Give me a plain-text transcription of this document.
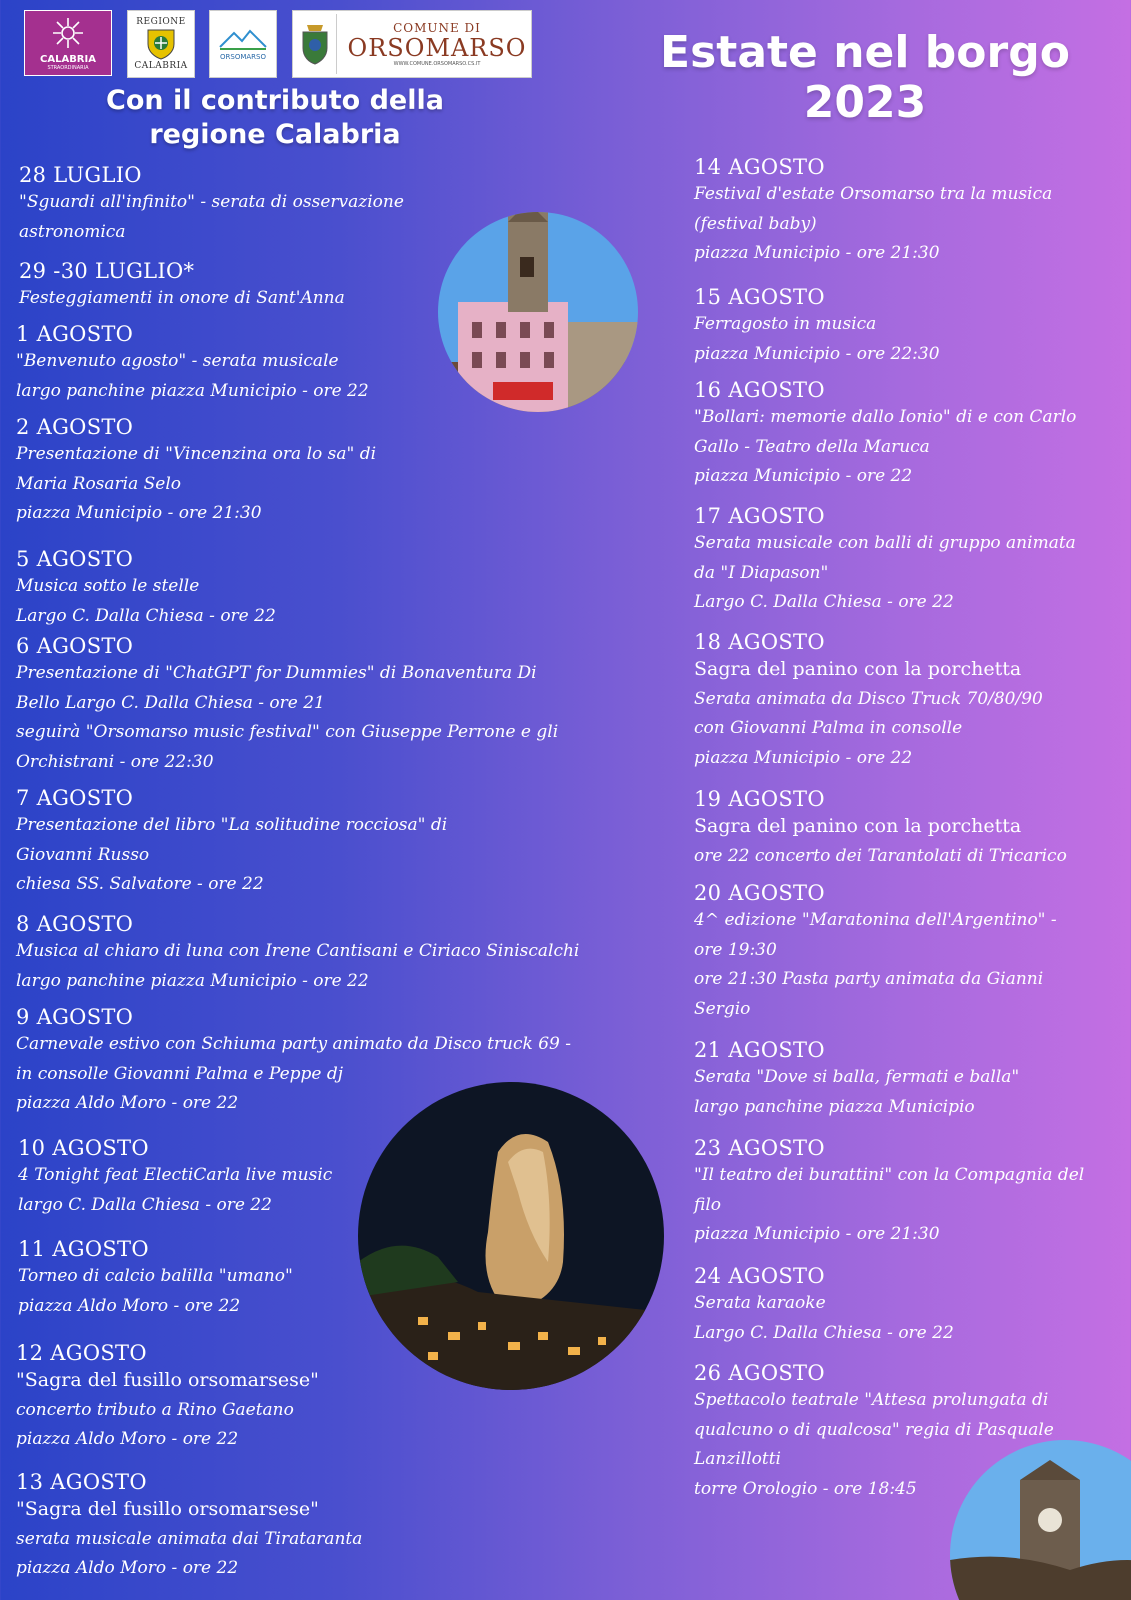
CALABRIA
STRAORDINARIA
REGIONE
CALABRIA
ORSOMARSO
COMUNE DI
ORSOMARSO
WWW.COMUNE.ORSOMARSO.CS.IT
Con il contributo della
regione Calabria
Estate nel borgo
2023
28 LUGLIO
"Sguardi all'infinito" - serata di osservazione
astronomica
29 -30 LUGLIO*
Festeggiamenti in onore di Sant'Anna
1 AGOSTO
"Benvenuto agosto" - serata musicale
largo panchine piazza Municipio - ore 22
2 AGOSTO
Presentazione di "Vincenzina ora lo sa" di
Maria Rosaria Selo
piazza Municipio - ore 21:30
5 AGOSTO
Musica sotto le stelle
Largo C. Dalla Chiesa - ore 22
6 AGOSTO
Presentazione di "ChatGPT for Dummies" di Bonaventura Di
Bello Largo C. Dalla Chiesa - ore 21
seguirà "Orsomarso music festival" con Giuseppe Perrone e gli
Orchistrani - ore 22:30
7 AGOSTO
Presentazione del libro "La solitudine rocciosa" di
Giovanni Russo
chiesa SS. Salvatore - ore 22
8 AGOSTO
Musica al chiaro di luna con Irene Cantisani e Ciriaco Siniscalchi
largo panchine piazza Municipio - ore 22
9 AGOSTO
Carnevale estivo con Schiuma party animato da Disco truck 69 -
in consolle Giovanni Palma e Peppe dj
piazza Aldo Moro - ore 22
10 AGOSTO
4 Tonight feat ElectiCarla live music
largo C. Dalla Chiesa - ore 22
11 AGOSTO
Torneo di calcio balilla "umano"
piazza Aldo Moro - ore 22
12 AGOSTO
"Sagra del fusillo orsomarsese"
concerto tributo a Rino Gaetano
piazza Aldo Moro - ore 22
13 AGOSTO
"Sagra del fusillo orsomarsese"
serata musicale animata dai Tirataranta
piazza Aldo Moro - ore 22
14 AGOSTO
Festival d'estate Orsomarso tra la musica
(festival baby)
piazza Municipio - ore 21:30
15 AGOSTO
Ferragosto in musica
piazza Municipio - ore 22:30
16 AGOSTO
"Bollari: memorie dallo Ionio" di e con Carlo
Gallo - Teatro della Maruca
piazza Municipio - ore 22
17 AGOSTO
Serata musicale con balli di gruppo animata
da "I Diapason"
Largo C. Dalla Chiesa - ore 22
18 AGOSTO
Sagra del panino con la porchetta
Serata animata da Disco Truck 70/80/90
con Giovanni Palma in consolle
piazza Municipio - ore 22
19 AGOSTO
Sagra del panino con la porchetta
ore 22 concerto dei Tarantolati di Tricarico
20 AGOSTO
4^ edizione "Maratonina dell'Argentino" -
ore 19:30
ore 21:30 Pasta party animata da Gianni
Sergio
21 AGOSTO
Serata "Dove si balla, fermati e balla"
largo panchine piazza Municipio
23 AGOSTO
"Il teatro dei burattini" con la Compagnia del
filo
piazza Municipio - ore 21:30
24 AGOSTO
Serata karaoke
Largo C. Dalla Chiesa - ore 22
26 AGOSTO
Spettacolo teatrale "Attesa prolungata di
qualcuno o di qualcosa" regia di Pasquale
Lanzillotti
torre Orologio - ore 18:45
